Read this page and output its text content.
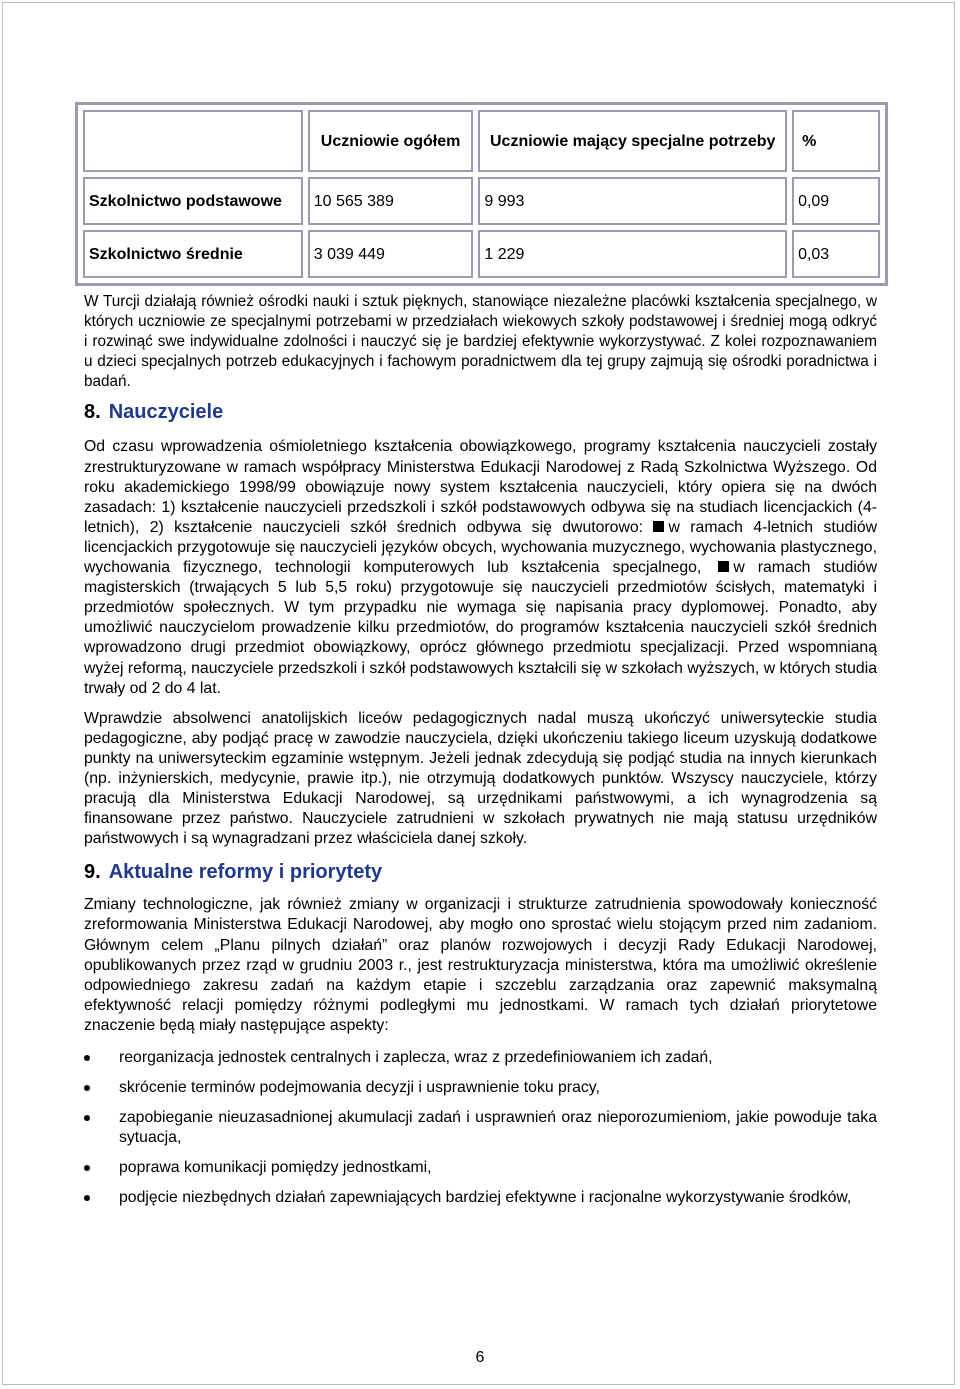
	Uczniowie ogółem	Uczniowie mający specjalne potrzeby	%
Szkolnictwo podstawowe	10 565 389	9 993	0,09
Szkolnictwo średnie	3 039 449	1 229	0,03

W Turcji działają również ośrodki nauki i sztuk pięknych, stanowiące niezależne placówki kształcenia specjalnego, w których uczniowie ze specjalnymi potrzebami w przedziałach wiekowych szkoły podstawowej i średniej mogą odkryć i rozwinąć swe indywidualne zdolności i nauczyć się je bardziej efektywnie wykorzystywać. Z kolei rozpoznawaniem u dzieci specjalnych potrzeb edukacyjnych i fachowym poradnictwem dla tej grupy zajmują się ośrodki poradnictwa i badań.

8. Nauczyciele

Od czasu wprowadzenia ośmioletniego kształcenia obowiązkowego, programy kształcenia nauczycieli zostały zrestrukturyzowane w ramach współpracy Ministerstwa Edukacji Narodowej z Radą Szkolnictwa Wyższego. Od roku akademickiego 1998/99 obowiązuje nowy system kształcenia nauczycieli, który opiera się na dwóch zasadach: 1) kształcenie nauczycieli przedszkoli i szkół podstawowych odbywa się na studiach licencjackich (4-letnich), 2) kształcenie nauczycieli szkół średnich odbywa się dwutorowo: w ramach 4-letnich studiów licencjackich przygotowuje się nauczycieli języków obcych, wychowania muzycznego, wychowania plastycznego, wychowania fizycznego, technologii komputerowych lub kształcenia specjalnego, w ramach studiów magisterskich (trwających 5 lub 5,5 roku) przygotowuje się nauczycieli przedmiotów ścisłych, matematyki i przedmiotów społecznych. W tym przypadku nie wymaga się napisania pracy dyplomowej. Ponadto, aby umożliwić nauczycielom prowadzenie kilku przedmiotów, do programów kształcenia nauczycieli szkół średnich wprowadzono drugi przedmiot obowiązkowy, oprócz głównego przedmiotu specjalizacji. Przed wspomnianą wyżej reformą, nauczyciele przedszkoli i szkół podstawowych kształcili się w szkołach wyższych, w których studia trwały od 2 do 4 lat.

Wprawdzie absolwenci anatolijskich liceów pedagogicznych nadal muszą ukończyć uniwersyteckie studia pedagogiczne, aby podjąć pracę w zawodzie nauczyciela, dzięki ukończeniu takiego liceum uzyskują dodatkowe punkty na uniwersyteckim egzaminie wstępnym. Jeżeli jednak zdecydują się podjąć studia na innych kierunkach (np. inżynierskich, medycynie, prawie itp.), nie otrzymują dodatkowych punktów. Wszyscy nauczyciele, którzy pracują dla Ministerstwa Edukacji Narodowej, są urzędnikami państwowymi, a ich wynagrodzenia są finansowane przez państwo. Nauczyciele zatrudnieni w szkołach prywatnych nie mają statusu urzędników państwowych i są wynagradzani przez właściciela danej szkoły.

9. Aktualne reformy i priorytety

Zmiany technologiczne, jak również zmiany w organizacji i strukturze zatrudnienia spowodowały konieczność zreformowania Ministerstwa Edukacji Narodowej, aby mogło ono sprostać wielu stojącym przed nim zadaniom. Głównym celem „Planu pilnych działań” oraz planów rozwojowych i decyzji Rady Edukacji Narodowej, opublikowanych przez rząd w grudniu 2003 r., jest restrukturyzacja ministerstwa, która ma umożliwić określenie odpowiedniego zakresu zadań na każdym etapie i szczeblu zarządzania oraz zapewnić maksymalną efektywność relacji pomiędzy różnymi podległymi mu jednostkami. W ramach tych działań priorytetowe znaczenie będą miały następujące aspekty:

reorganizacja jednostek centralnych i zaplecza, wraz z przedefiniowaniem ich zadań,
skrócenie terminów podejmowania decyzji i usprawnienie toku pracy,
zapobieganie nieuzasadnionej akumulacji zadań i usprawnień oraz nieporozumieniom, jakie powoduje taka sytuacja,
poprawa komunikacji pomiędzy jednostkami,
podjęcie niezbędnych działań zapewniających bardziej efektywne i racjonalne wykorzystywanie środków,
6
